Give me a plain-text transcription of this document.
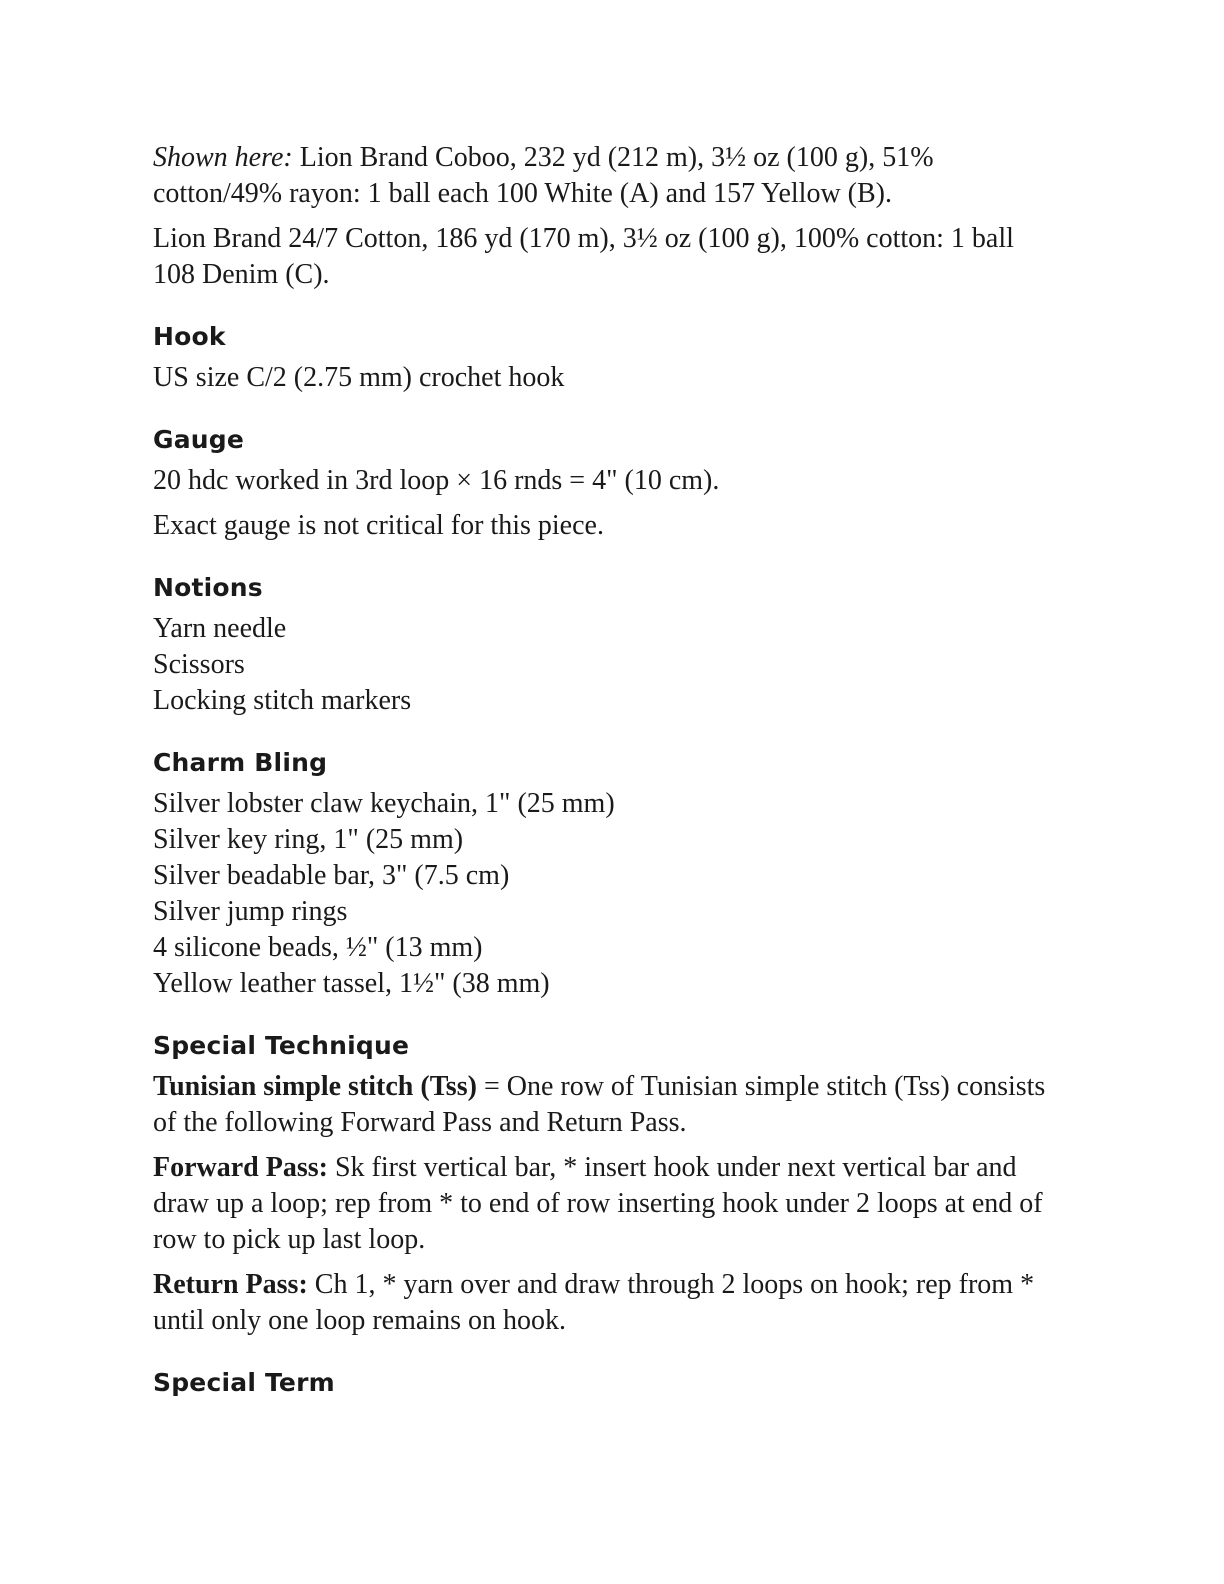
Shown here: Lion Brand Coboo, 232 yd (212 m), 3½ oz (100 g), 51% cotton/49% rayon: 1 ball each 100 White (A) and 157 Yellow (B).

Lion Brand 24/7 Cotton, 186 yd (170 m), 3½ oz (100 g), 100% cotton: 1 ball 108 Denim (C).

Hook

US size C/2 (2.75 mm) crochet hook

Gauge

20 hdc worked in 3rd loop × 16 rnds = 4" (10 cm).

Exact gauge is not critical for this piece.

Notions
Yarn needle
Scissors
Locking stitch markers
Charm Bling
Silver lobster claw keychain, 1" (25 mm)
Silver key ring, 1" (25 mm)
Silver beadable bar, 3" (7.5 cm)
Silver jump rings
4 silicone beads, ½" (13 mm)
Yellow leather tassel, 1½" (38 mm)
Special Technique

Tunisian simple stitch (Tss) = One row of Tunisian simple stitch (Tss) consists of the following Forward Pass and Return Pass.

Forward Pass: Sk first vertical bar, * insert hook under next vertical bar and draw up a loop; rep from * to end of row inserting hook under 2 loops at end of row to pick up last loop.

Return Pass: Ch 1, * yarn over and draw through 2 loops on hook; rep from * until only one loop remains on hook.

Special Term
